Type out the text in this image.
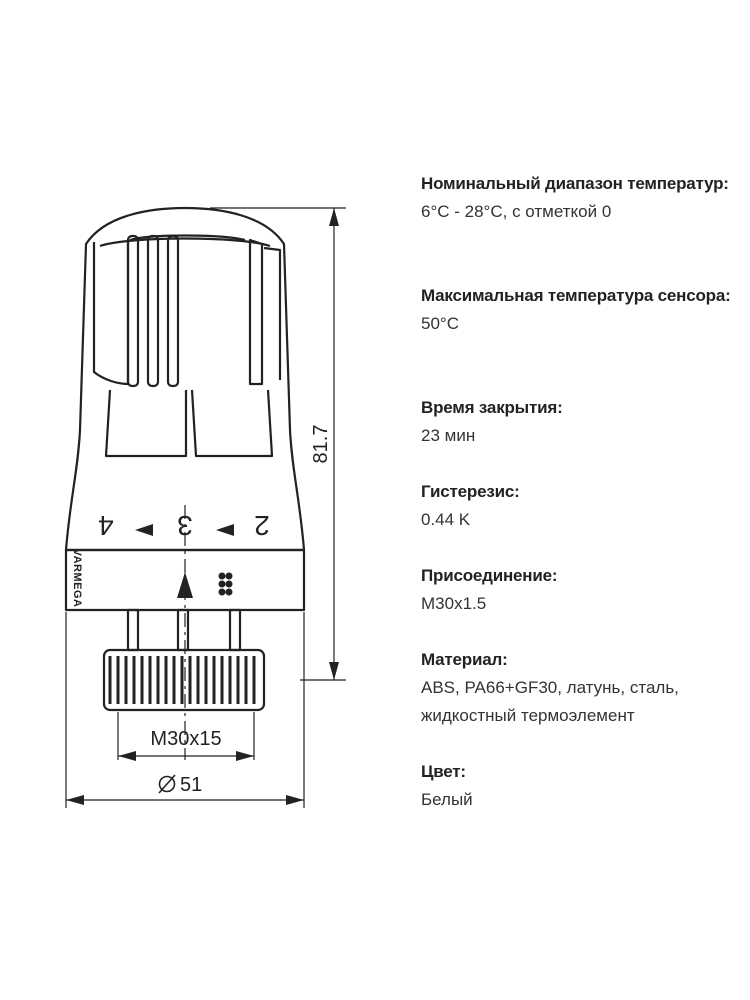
4 3 2
VARMEGA
81.7
M30x15
51
Номинальный диапазон температур:
6°C - 28°C, с отметкой 0
Максимальная температура сенсора:
50°C
Время закрытия:
23 мин
Гистерезис:
0.44 K
Присоединение:
M30x1.5
Материал:
ABS, PA66+GF30, латунь, сталь, жидкостный термоэлемент
Цвет:
Белый
